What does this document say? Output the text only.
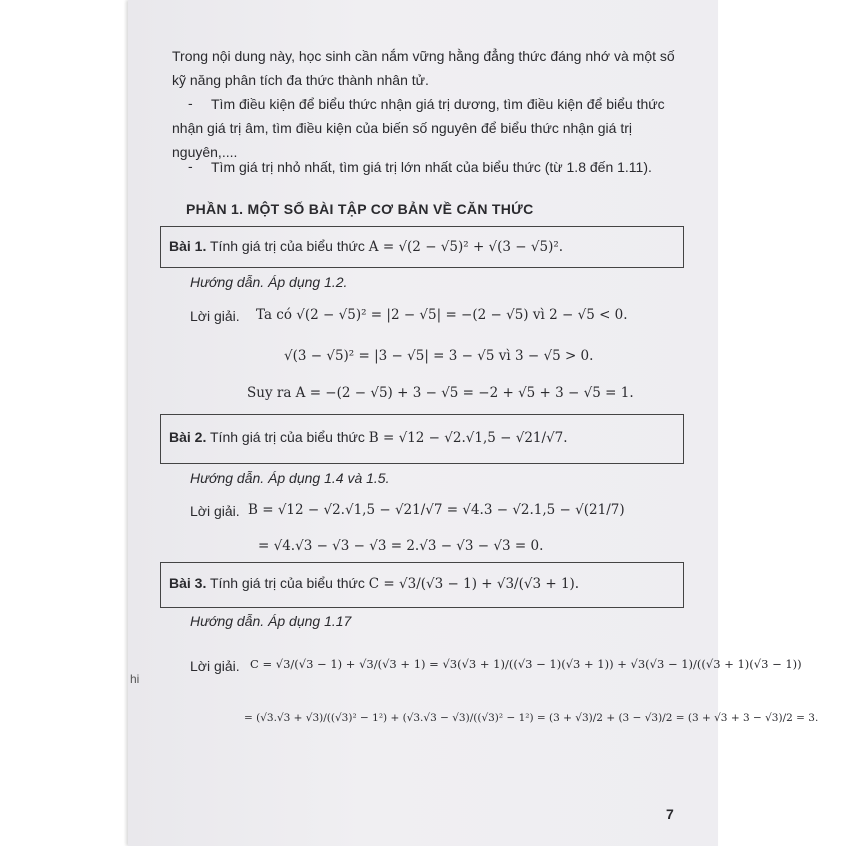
hi
Trong nội dung này, học sinh cần nắm vững hằng đẳng thức đáng nhớ và một số
kỹ năng phân tích đa thức thành nhân tử.
- Tìm điều kiện để biểu thức nhận giá trị dương, tìm điều kiện để biểu thức
nhận giá trị âm, tìm điều kiện của biến số nguyên để biểu thức nhận giá trị
nguyên,....
- Tìm giá trị nhỏ nhất, tìm giá trị lớn nhất của biểu thức (từ 1.8 đến 1.11).
PHẦN 1. MỘT SỐ BÀI TẬP CƠ BẢN VỀ CĂN THỨC
Bài 1. Tính giá trị của biểu thức A = √(2 − √5)² + √(3 − √5)².
Hướng dẫn. Áp dụng 1.2.
Lời giải. Ta có √(2 − √5)² = |2 − √5| = −(2 − √5) vì 2 − √5 < 0.
√(3 − √5)² = |3 − √5| = 3 − √5 vì 3 − √5 > 0.
Suy ra A = −(2 − √5) + 3 − √5 = −2 + √5 + 3 − √5 = 1.
Bài 2. Tính giá trị của biểu thức B = √12 − √2.√1,5 − √21/√7.
Hướng dẫn. Áp dụng 1.4 và 1.5.
Lời giải. B = √12 − √2.√1,5 − √21/√7 = √4.3 − √2.1,5 − √(21/7)
= √4.√3 − √3 − √3 = 2.√3 − √3 − √3 = 0.
Bài 3. Tính giá trị của biểu thức C = √3/(√3 − 1) + √3/(√3 + 1).
Hướng dẫn. Áp dụng 1.17
Lời giải. C = √3/(√3 − 1) + √3/(√3 + 1) = √3(√3 + 1)/((√3 − 1)(√3 + 1)) + √3(√3 − 1)/((√3 + 1)(√3 − 1))
= (√3.√3 + √3)/((√3)² − 1²) + (√3.√3 − √3)/((√3)² − 1²) = (3 + √3)/2 + (3 − √3)/2 = (3 + √3 + 3 − √3)/2 = 3.
7
